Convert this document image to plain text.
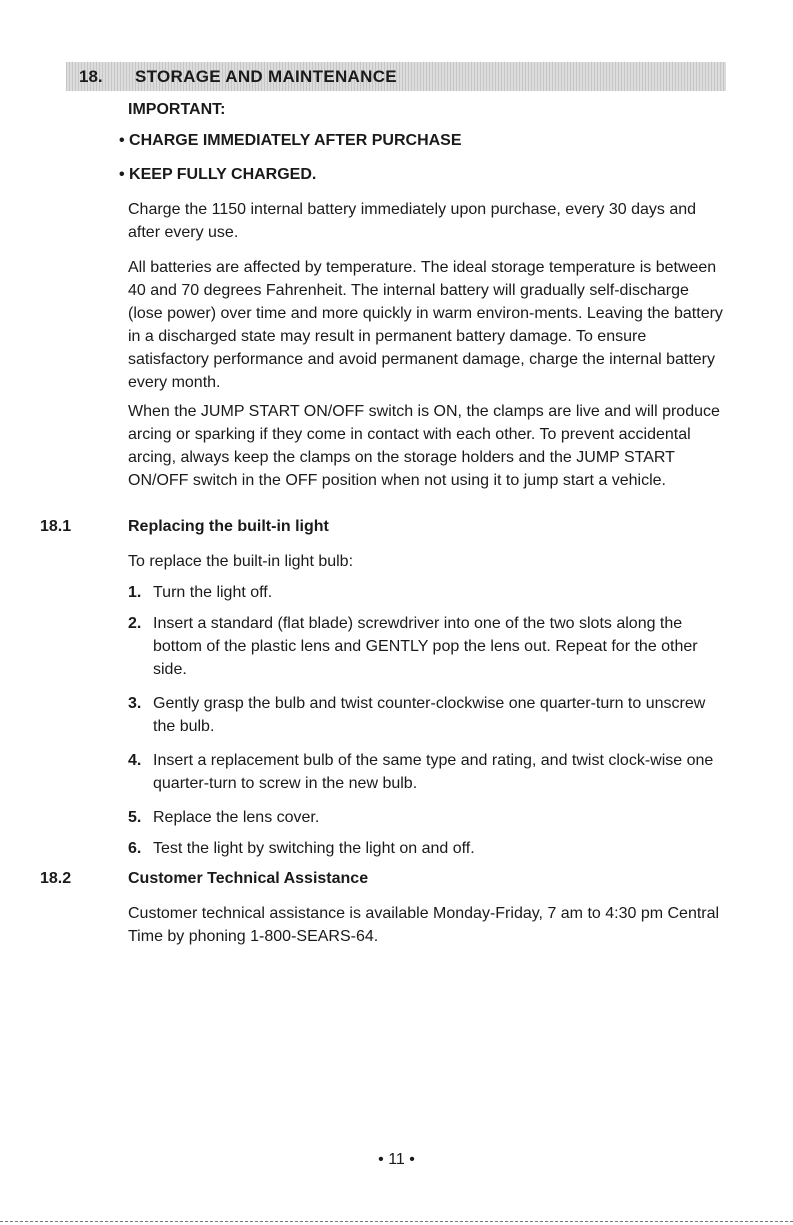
18. STORAGE AND MAINTENANCE
IMPORTANT:
• CHARGE IMMEDIATELY AFTER PURCHASE
• KEEP FULLY CHARGED.

Charge the 1150 internal battery immediately upon purchase, every 30 days and after every use.

All batteries are affected by temperature. The ideal storage temperature is between 40 and 70 degrees Fahrenheit. The internal battery will gradually self-discharge (lose power) over time and more quickly in warm environ-ments. Leaving the battery in a discharged state may result in permanent battery damage. To ensure satisfactory performance and avoid permanent damage, charge the internal battery every month.

When the JUMP START ON/OFF switch is ON, the clamps are live and will produce arcing or sparking if they come in contact with each other. To prevent accidental arcing, always keep the clamps on the storage holders and the JUMP START ON/OFF switch in the OFF position when not using it to jump start a vehicle.

18.1	Replacing the built-in light

To replace the built-in light bulb:

1. Turn the light off.
2. Insert a standard (flat blade) screwdriver into one of the two slots along the bottom of the plastic lens and GENTLY pop the lens out. Repeat for the other side.
3. Gently grasp the bulb and twist counter-clockwise one quarter-turn to unscrew the bulb.
4. Insert a replacement bulb of the same type and rating, and twist clock-wise one quarter-turn to screw in the new bulb.
5. Replace the lens cover.
6. Test the light by switching the light on and off.
18.2	Customer Technical Assistance

Customer technical assistance is available Monday-Friday, 7 am to 4:30 pm Central Time by phoning 1-800-SEARS-64.

• 11 •
